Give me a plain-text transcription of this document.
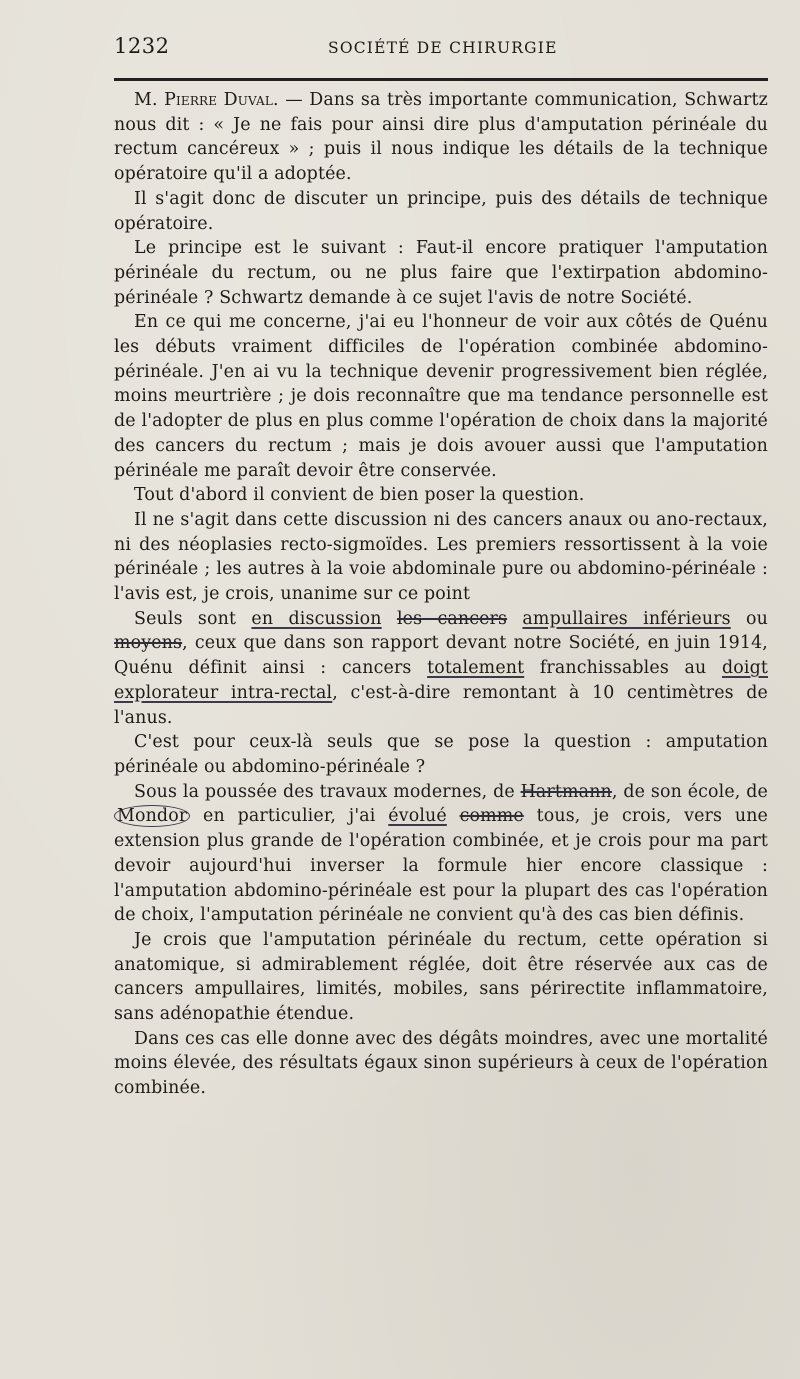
1232	SOCIÉTÉ DE CHIRURGIE

M. Pierre Duval. — Dans sa très importante communication, Schwartz nous dit : « Je ne fais pour ainsi dire plus d'amputation périnéale du rectum cancéreux » ; puis il nous indique les détails de la technique opératoire qu'il a adoptée.

Il s'agit donc de discuter un principe, puis des détails de technique opératoire.

Le principe est le suivant : Faut-il encore pratiquer l'amputation périnéale du rectum, ou ne plus faire que l'extirpation abdomino-périnéale ? Schwartz demande à ce sujet l'avis de notre Société.

En ce qui me concerne, j'ai eu l'honneur de voir aux côtés de Quénu les débuts vraiment difficiles de l'opération combinée abdomino-périnéale. J'en ai vu la technique devenir progressivement bien réglée, moins meurtrière ; je dois reconnaître que ma tendance personnelle est de l'adopter de plus en plus comme l'opération de choix dans la majorité des cancers du rectum ; mais je dois avouer aussi que l'amputation périnéale me paraît devoir être conservée.

Tout d'abord il convient de bien poser la question.

Il ne s'agit dans cette discussion ni des cancers anaux ou ano-rectaux, ni des néoplasies recto-sigmoïdes. Les premiers ressortissent à la voie périnéale ; les autres à la voie abdominale pure ou abdomino-périnéale : l'avis est, je crois, unanime sur ce point

Seuls sont en discussion les cancers ampullaires inférieurs ou moyens, ceux que dans son rapport devant notre Société, en juin 1914, Quénu définit ainsi : cancers totalement franchissables au doigt explorateur intra-rectal, c'est-à-dire remontant à 10 centimètres de l'anus.

C'est pour ceux-là seuls que se pose la question : amputation périnéale ou abdomino-périnéale ?

Sous la poussée des travaux modernes, de Hartmann, de son école, de Mondor en particulier, j'ai évolué comme tous, je crois, vers une extension plus grande de l'opération combinée, et je crois pour ma part devoir aujourd'hui inverser la formule hier encore classique : l'amputation abdomino-périnéale est pour la plupart des cas l'opération de choix, l'amputation périnéale ne convient qu'à des cas bien définis.

Je crois que l'amputation périnéale du rectum, cette opération si anatomique, si admirablement réglée, doit être réservée aux cas de cancers ampullaires, limités, mobiles, sans périrectite inflammatoire, sans adénopathie étendue.

Dans ces cas elle donne avec des dégâts moindres, avec une mortalité moins élevée, des résultats égaux sinon supérieurs à ceux de l'opération combinée.
